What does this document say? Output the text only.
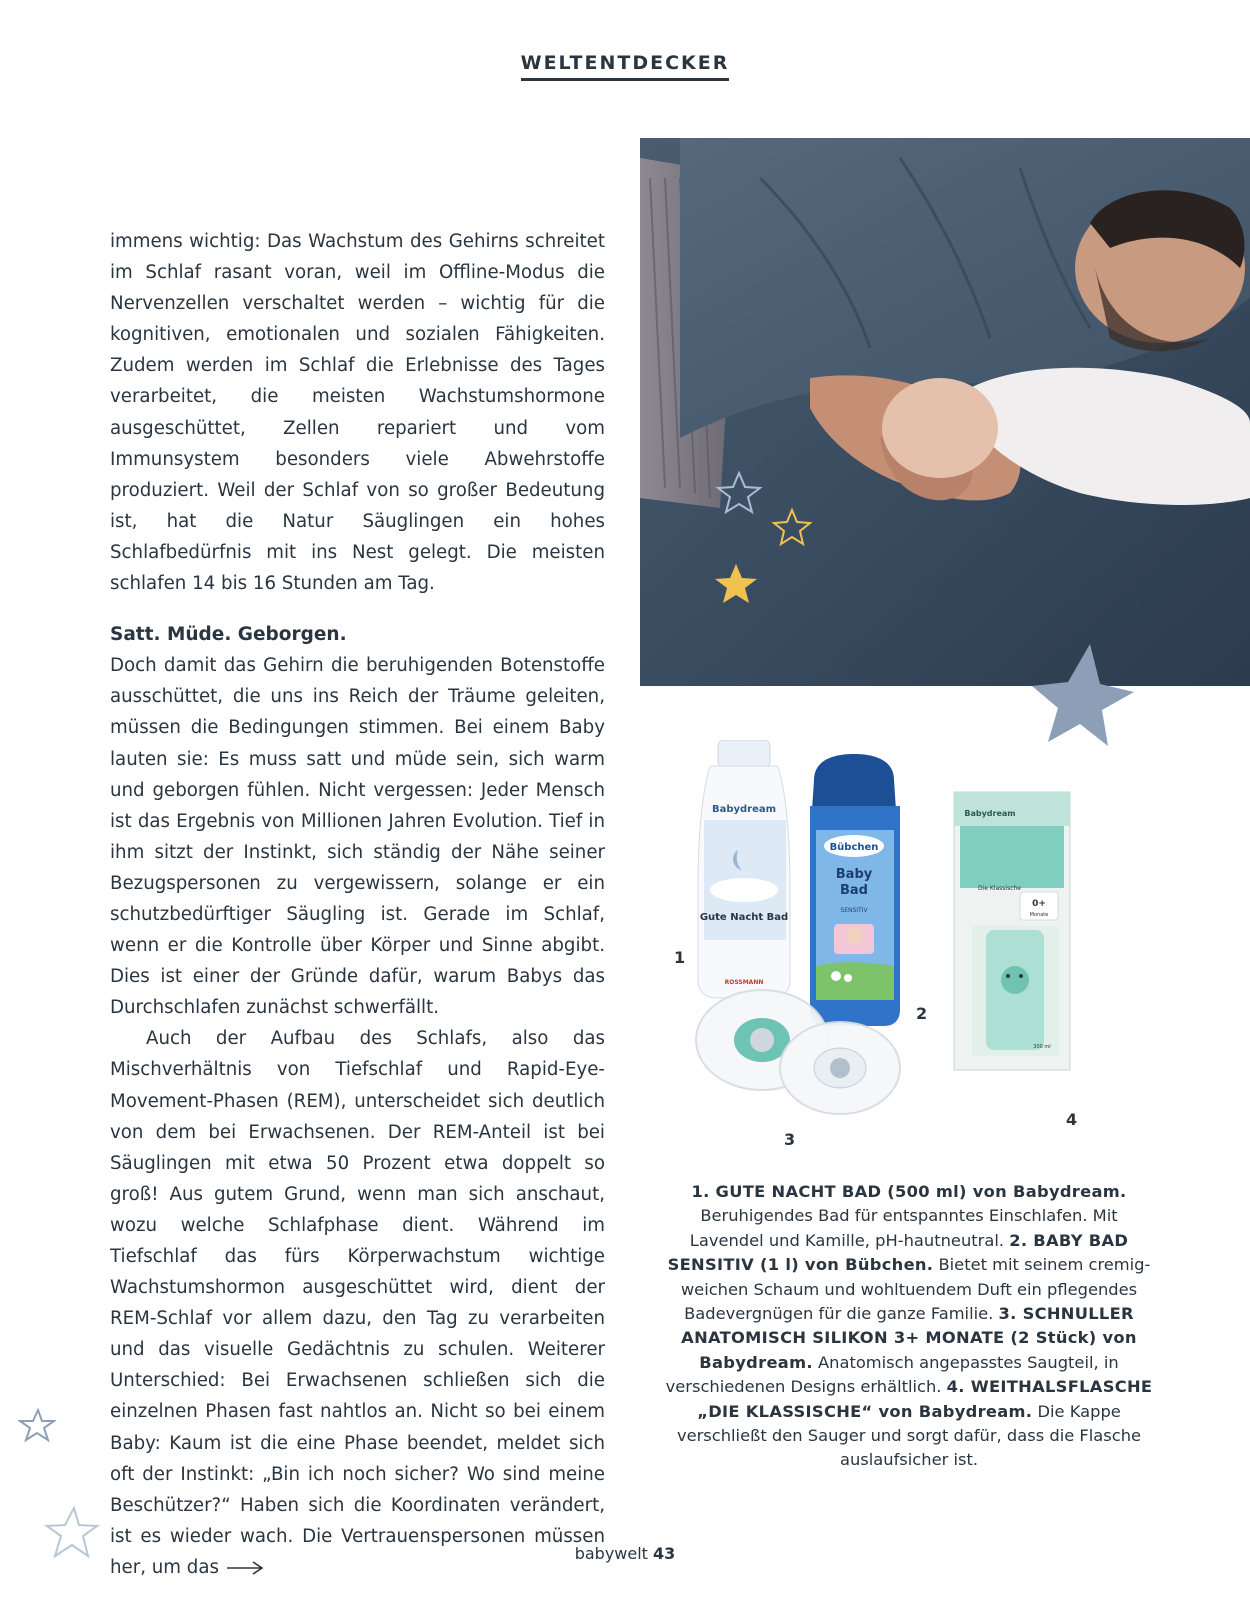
WELTENTDECKER

immens wichtig: Das Wachstum des Gehirns schreitet im Schlaf rasant voran, weil im Offline-Modus die Nervenzellen verschaltet werden – wichtig für die kognitiven, emotionalen und sozialen Fähigkeiten. Zudem werden im Schlaf die Erlebnisse des Tages verarbeitet, die meisten Wachstumshormone ausgeschüttet, Zellen repariert und vom Immunsystem besonders viele Abwehrstoffe produziert. Weil der Schlaf von so großer Bedeutung ist, hat die Natur Säuglingen ein hohes Schlafbedürfnis mit ins Nest gelegt. Die meisten schlafen 14 bis 16 Stunden am Tag.

Satt. Müde. Geborgen.

Doch damit das Gehirn die beruhigenden Botenstoffe ausschüttet, die uns ins Reich der Träume geleiten, müssen die Bedingungen stimmen. Bei einem Baby lauten sie: Es muss satt und müde sein, sich warm und geborgen fühlen. Nicht vergessen: Jeder Mensch ist das Ergebnis von Millionen Jahren Evolution. Tief in ihm sitzt der Instinkt, sich ständig der Nähe seiner Bezugspersonen zu vergewissern, solange er ein schutzbedürftiger Säugling ist. Gerade im Schlaf, wenn er die Kontrolle über Körper und Sinne abgibt. Dies ist einer der Gründe dafür, warum Babys das Durchschlafen zunächst schwerfällt.

Auch der Aufbau des Schlafs, also das Mischverhältnis von Tiefschlaf und Rapid-Eye-Movement-Phasen (REM), unterscheidet sich deutlich von dem bei Erwachsenen. Der REM-Anteil ist bei Säuglingen mit etwa 50 Prozent etwa doppelt so groß! Aus gutem Grund, wenn man sich anschaut, wozu welche Schlafphase dient. Während im Tiefschlaf das fürs Körperwachstum wichtige Wachstumshormon ausgeschüttet wird, dient der REM-Schlaf vor allem dazu, den Tag zu verarbeiten und das visuelle Gedächtnis zu schulen. Weiterer Unterschied: Bei Erwachsenen schließen sich die einzelnen Phasen fast nahtlos an. Nicht so bei einem Baby: Kaum ist die eine Phase beendet, meldet sich oft der Instinkt: „Bin ich noch sicher? Wo sind meine Beschützer?“ Haben sich die Koordinaten verändert, ist es wieder wach. Die Vertrauenspersonen müssen her, um das

Babydream
Gute Nacht Bad
ROSSMANN
Bübchen
Baby
Bad
SENSITIV
Babydream
Die Klassische
0+
Monate
300 ml
1
2
3
4

1. GUTE NACHT BAD (500 ml) von Babydream. Beruhigendes Bad für entspanntes Einschlafen. Mit Lavendel und Kamille, pH-hautneutral. 2. BABY BAD SENSITIV (1 l) von Bübchen. Bietet mit seinem cremig-weichen Schaum und wohltuendem Duft ein pflegendes Badevergnügen für die ganze Familie. 3. SCHNULLER ANATOMISCH SILIKON 3+ MONATE (2 Stück) von Babydream. Anatomisch angepasstes Saugteil, in verschiedenen Designs erhältlich. 4. WEITHALSFLASCHE „DIE KLASSISCHE“ von Babydream. Die Kappe verschließt den Sauger und sorgt dafür, dass die Flasche auslaufsicher ist.

babywelt 43
